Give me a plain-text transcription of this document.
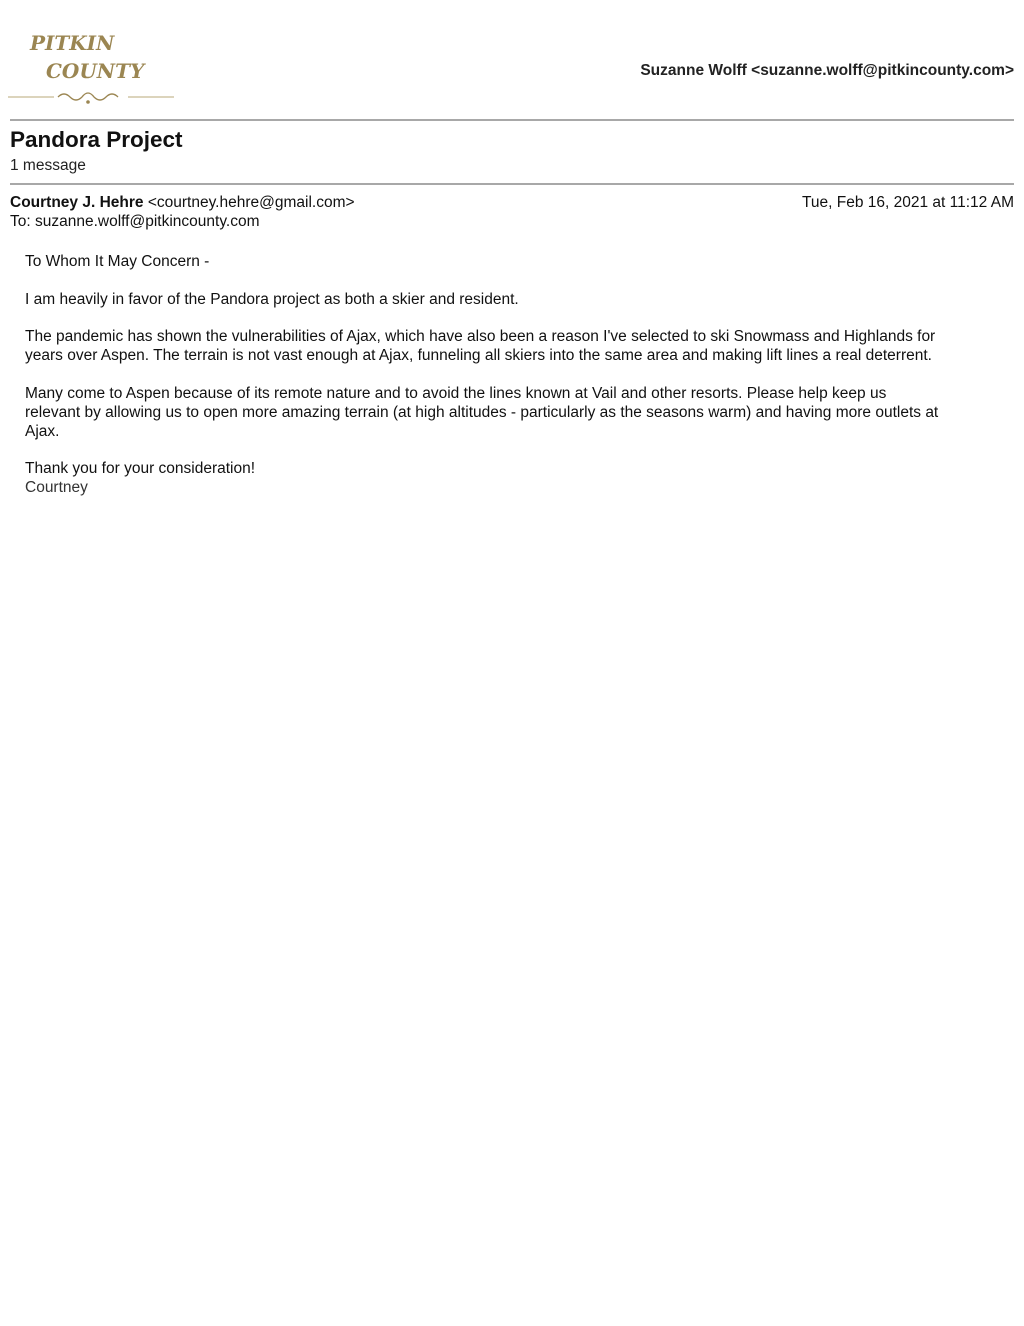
PITKIN
COUNTY	Suzanne Wolff <suzanne.wolff@pitkincounty.com>
Pandora Project
1 message
Courtney J. Hehre <courtney.hehre@gmail.com>	Tue, Feb 16, 2021 at 11:12 AM
To: suzanne.wolff@pitkincounty.com

To Whom It May Concern -

I am heavily in favor of the Pandora project as both a skier and resident.

The pandemic has shown the vulnerabilities of Ajax, which have also been a reason I've selected to ski Snowmass and Highlands for
years over Aspen. The terrain is not vast enough at Ajax, funneling all skiers into the same area and making lift lines a real deterrent.

Many come to Aspen because of its remote nature and to avoid the lines known at Vail and other resorts. Please help keep us
relevant by allowing us to open more amazing terrain (at high altitudes - particularly as the seasons warm) and having more outlets at
Ajax.

Thank you for your consideration!
Courtney
